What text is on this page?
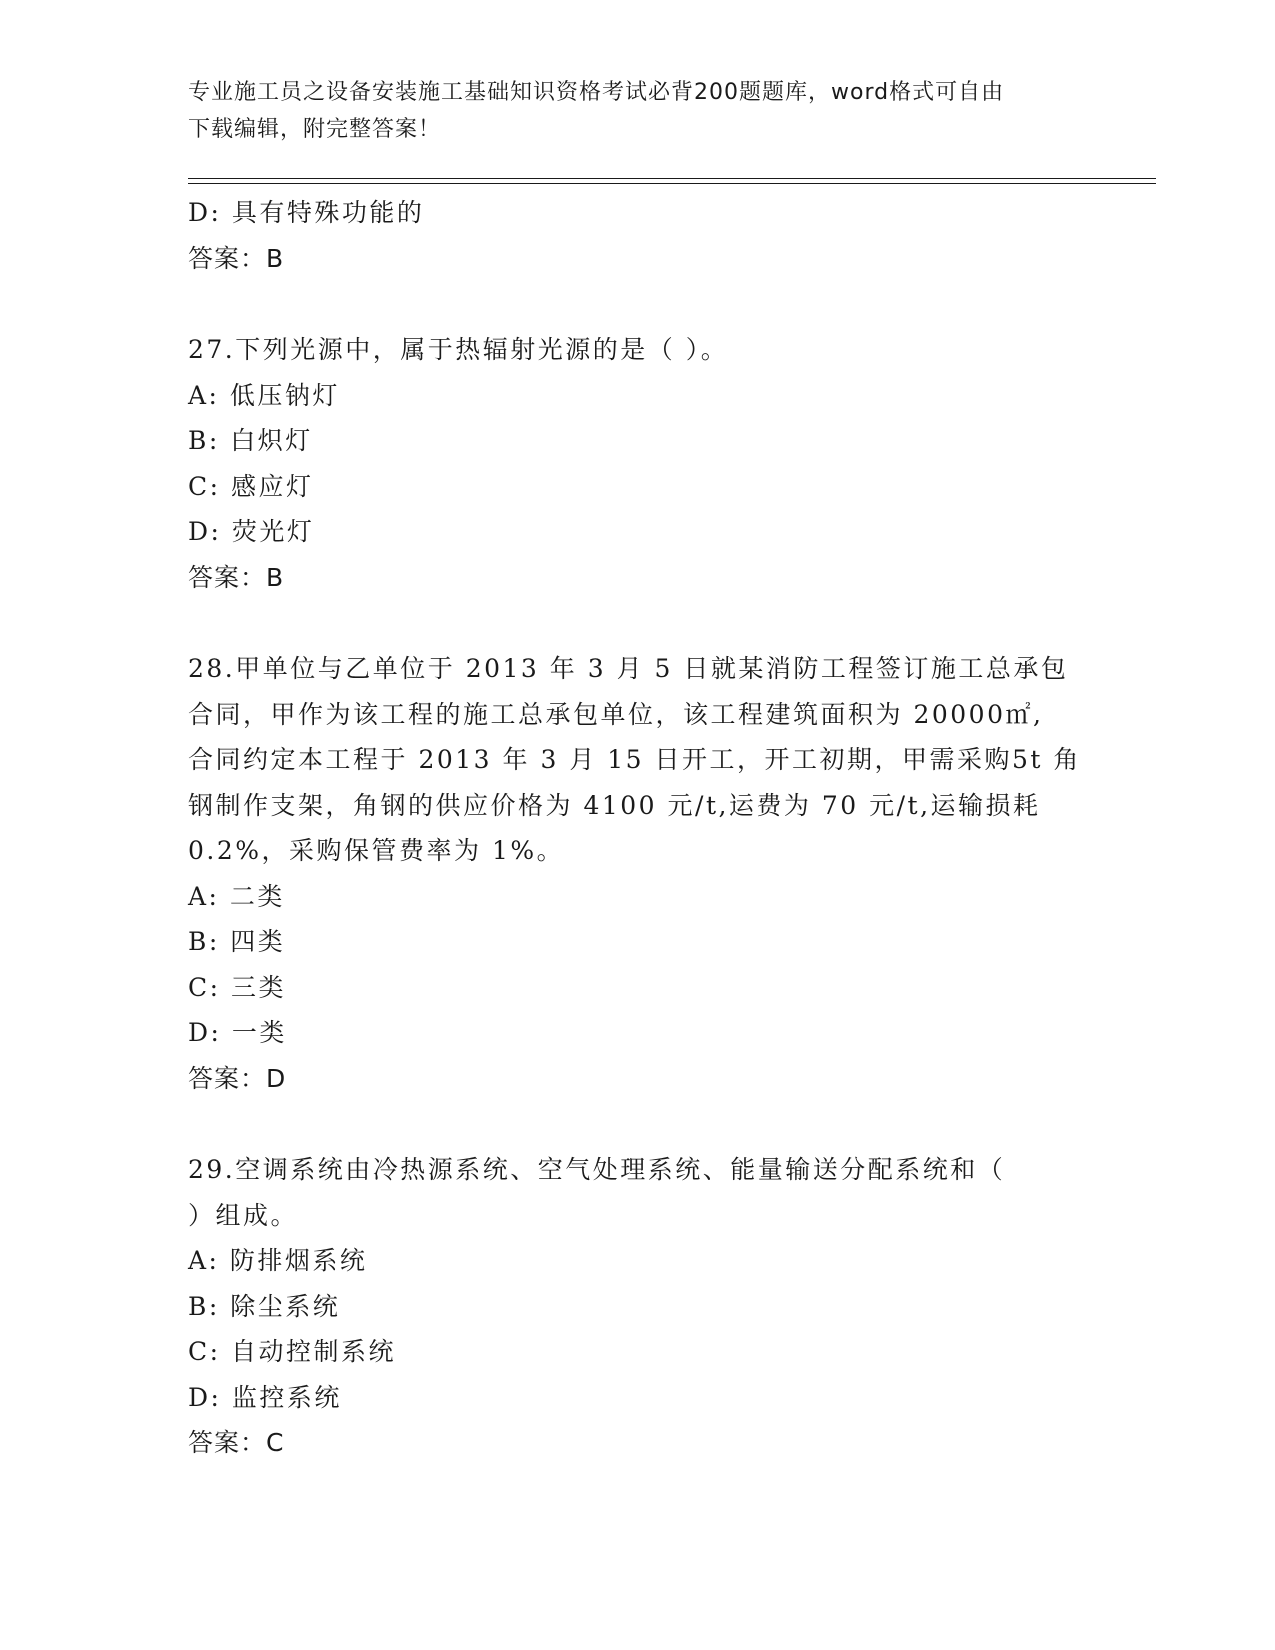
专业施工员之设备安装施工基础知识资格考试必背200题题库，word格式可自由
下载编辑，附完整答案！

D: 具有特殊功能的

答案：B

27.下列光源中，属于热辐射光源的是（ ）。

A: 低压钠灯

B: 白炽灯

C: 感应灯

D: 荧光灯

答案：B

28.甲单位与乙单位于 2013 年 3 月 5 日就某消防工程签订施工总承包

合同，甲作为该工程的施工总承包单位，该工程建筑面积为 20000㎡,

合同约定本工程于 2013 年 3 月 15 日开工，开工初期，甲需采购5t 角

钢制作支架，角钢的供应价格为 4100 元/t,运费为 70 元/t,运输损耗

0.2%，采购保管费率为 1%。

A: 二类

B: 四类

C: 三类

D: 一类

答案：D

29.空调系统由冷热源系统、空气处理系统、能量输送分配系统和（

）组成。

A: 防排烟系统

B: 除尘系统

C: 自动控制系统

D: 监控系统

答案：C
